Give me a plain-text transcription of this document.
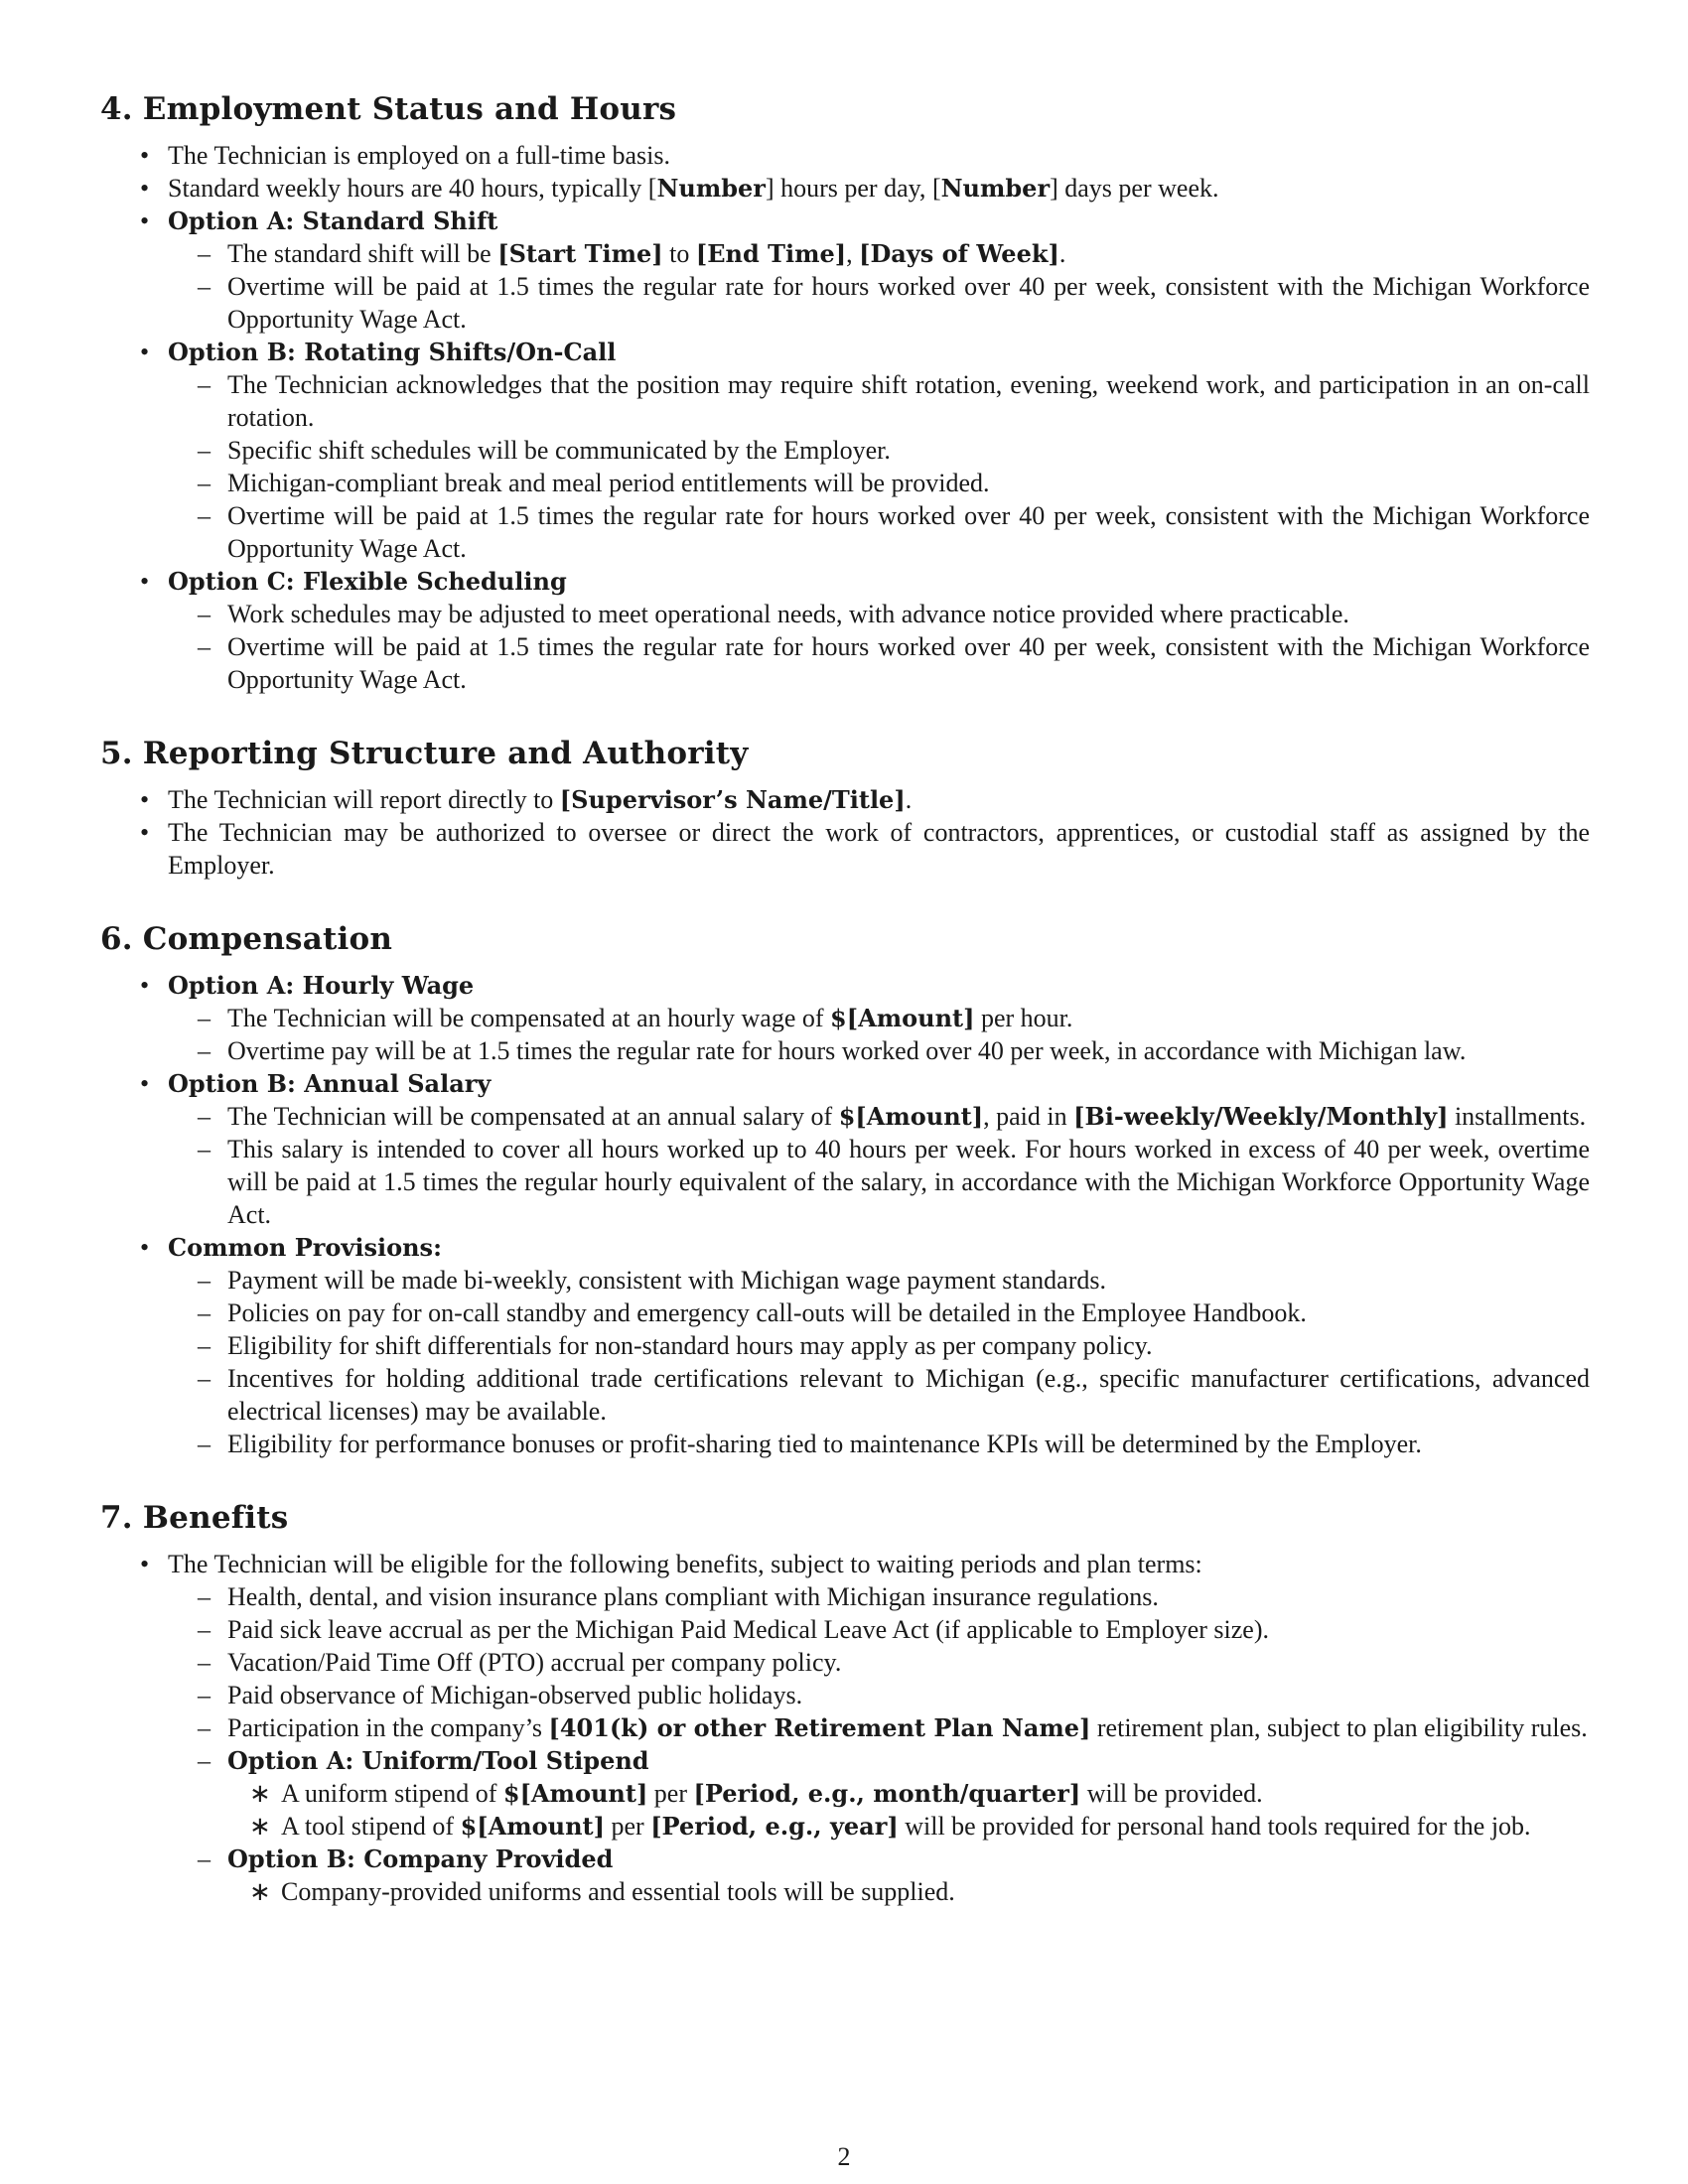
4. Employment Status and Hours
• The Technician is employed on a full-time basis.
• Standard weekly hours are 40 hours, typically [Number] hours per day, [Number] days per week.
• Option A: Standard Shift
– The standard shift will be [Start Time] to [End Time], [Days of Week].
– Overtime will be paid at 1.5 times the regular rate for hours worked over 40 per week, consistent with the Michigan Workforce Opportunity Wage Act.
• Option B: Rotating Shifts/On-Call
– The Technician acknowledges that the position may require shift rotation, evening, weekend work, and participation in an on-call rotation.
– Specific shift schedules will be communicated by the Employer.
– Michigan-compliant break and meal period entitlements will be provided.
– Overtime will be paid at 1.5 times the regular rate for hours worked over 40 per week, consistent with the Michigan Workforce Opportunity Wage Act.
• Option C: Flexible Scheduling
– Work schedules may be adjusted to meet operational needs, with advance notice provided where practicable.
– Overtime will be paid at 1.5 times the regular rate for hours worked over 40 per week, consistent with the Michigan Workforce Opportunity Wage Act.
5. Reporting Structure and Authority
• The Technician will report directly to [Supervisor’s Name/Title].
• The Technician may be authorized to oversee or direct the work of contractors, apprentices, or custodial staff as assigned by the Employer.
6. Compensation
• Option A: Hourly Wage
– The Technician will be compensated at an hourly wage of $[Amount] per hour.
– Overtime pay will be at 1.5 times the regular rate for hours worked over 40 per week, in accordance with Michigan law.
• Option B: Annual Salary
– The Technician will be compensated at an annual salary of $[Amount], paid in [Bi-weekly/Weekly/Monthly] installments.
– This salary is intended to cover all hours worked up to 40 hours per week. For hours worked in excess of 40 per week, overtime will be paid at 1.5 times the regular hourly equivalent of the salary, in accordance with the Michigan Workforce Opportunity Wage Act.
• Common Provisions:
– Payment will be made bi-weekly, consistent with Michigan wage payment standards.
– Policies on pay for on-call standby and emergency call-outs will be detailed in the Employee Handbook.
– Eligibility for shift differentials for non-standard hours may apply as per company policy.
– Incentives for holding additional trade certifications relevant to Michigan (e.g., specific manufacturer certifications, advanced electrical licenses) may be available.
– Eligibility for performance bonuses or profit-sharing tied to maintenance KPIs will be determined by the Employer.
7. Benefits
• The Technician will be eligible for the following benefits, subject to waiting periods and plan terms:
– Health, dental, and vision insurance plans compliant with Michigan insurance regulations.
– Paid sick leave accrual as per the Michigan Paid Medical Leave Act (if applicable to Employer size).
– Vacation/Paid Time Off (PTO) accrual per company policy.
– Paid observance of Michigan-observed public holidays.
– Participation in the company’s [401(k) or other Retirement Plan Name] retirement plan, subject to plan eligibility rules.
– Option A: Uniform/Tool Stipend
∗ A uniform stipend of $[Amount] per [Period, e.g., month/quarter] will be provided.
∗ A tool stipend of $[Amount] per [Period, e.g., year] will be provided for personal hand tools required for the job.
– Option B: Company Provided
∗ Company-provided uniforms and essential tools will be supplied.
2
